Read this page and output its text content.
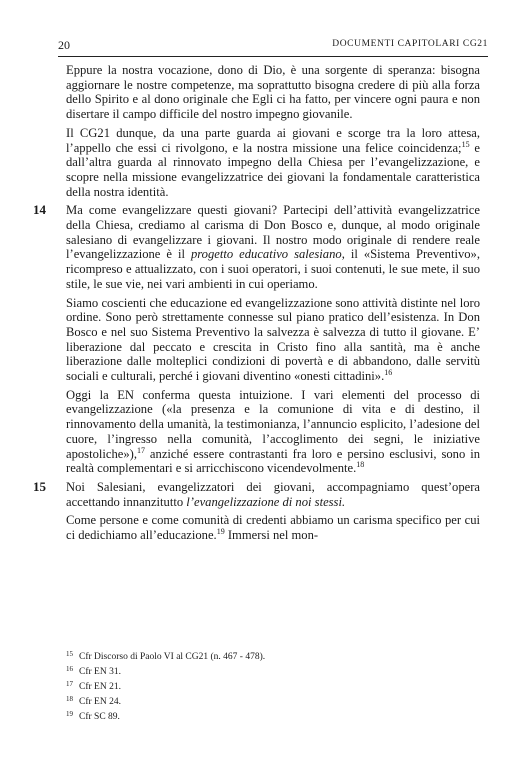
20	DOCUMENTI CAPITOLARI CG21

Eppure la nostra vocazione, dono di Dio, è una sorgente di speranza: bisogna aggiornare le nostre competenze, ma soprattutto bisogna credere di più alla forza dello Spirito e al dono originale che Egli ci ha fatto, per vincere ogni paura e non disertare il campo difficile del nostro impegno giovanile.

Il CG21 dunque, da una parte guarda ai giovani e scorge tra la loro attesa, l’appello che essi ci rivolgono, e la nostra missione una felice coincidenza;$^{15}$ e dall’altra guarda al rinnovato impegno della Chiesa per l’evangelizzazione, e scopre nella missione evangelizzatrice dei giovani la fondamentale caratteristica della nostra identità.

14 Ma come evangelizzare questi giovani? Partecipi dell’attività evangelizzatrice della Chiesa, crediamo al carisma di Don Bosco e, dunque, al modo originale salesiano di evangelizzare i giovani. Il nostro modo originale di rendere reale l’evangelizzazione è il progetto educativo salesiano, il «Sistema Preventivo», ricompreso e attualizzato, con i suoi operatori, i suoi contenuti, le sue mete, il suo stile, le sue vie, nei vari ambienti in cui operiamo.

Siamo coscienti che educazione ed evangelizzazione sono attività distinte nel loro ordine. Sono però strettamente connesse sul piano pratico dell’esistenza. In Don Bosco e nel suo Sistema Preventivo la salvezza è salvezza di tutto il giovane. E’ liberazione dal peccato e crescita in Cristo fino alla santità, ma è anche liberazione dalle molteplici condizioni di povertà e di abbandono, dalle servitù sociali e culturali, perché i giovani diventino «onesti cittadini».$^{16}$

Oggi la EN conferma questa intuizione. I vari elementi del processo di evangelizzazione («la presenza e la comunione di vita e di destino, il rinnovamento della umanità, la testimonianza, l’annuncio esplicito, l’adesione del cuore, l’ingresso nella comunità, l’accoglimento dei segni, le iniziative apostoliche»),$^{17}$ anziché essere contrastanti fra loro e persino esclusivi, sono in realtà complementari e si arricchiscono vicendevolmente.$^{18}$

15 Noi Salesiani, evangelizzatori dei giovani, accompagniamo quest’opera accettando innanzitutto l’evangelizzazione di noi stessi.

Come persone e come comunità di credenti abbiamo un carisma specifico per cui ci dedichiamo all’educazione.$^{19}$ Immersi nel mon-

15 Cfr Discorso di Paolo VI al CG21 (n. 467 - 478).
16 Cfr EN 31.
17 Cfr EN 21.
18 Cfr EN 24.
19 Cfr SC 89.
